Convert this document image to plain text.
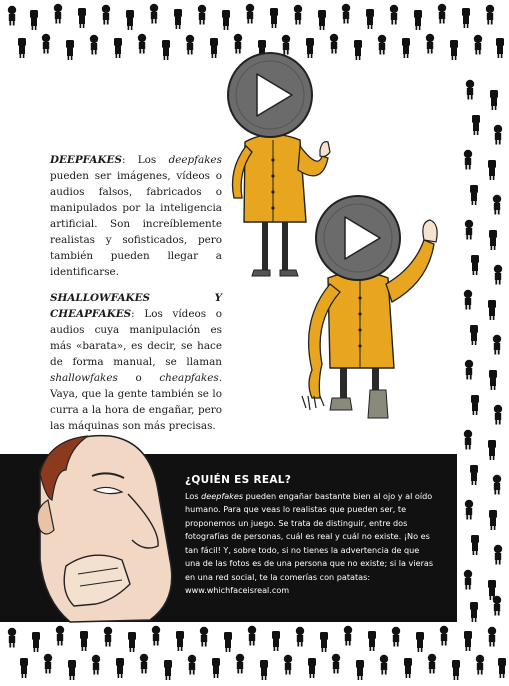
DEEPFAKES: Los deepfakes pueden ser imágenes, vídeos o audios falsos, fabricados o manipulados por la inteligencia artificial. Son increíblemente realistas y sofisticados, pero también pueden llegar a identificarse.

SHALLOWFAKES Y CHEAPFAKES: Los vídeos o audios cuya manipulación es más «barata», es decir, se hace de forma manual, se llaman shallowfakes o cheapfakes. Vaya, que la gente también se lo curra a la hora de engañar, pero las máquinas son más precisas.

¿QUIÉN ES REAL?

Los deepfakes pueden engañar bastante bien al ojo y al oído humano. Para que veas lo realistas que pueden ser, te proponemos un juego. Se trata de distinguir, entre dos fotografías de personas, cuál es real y cuál no existe. ¡No es tan fácil! Y, sobre todo, si no tienes la advertencia de que una de las fotos es de una persona que no existe; si la vieras en una red social, te la comerías con patatas: www.whichfaceisreal.com
